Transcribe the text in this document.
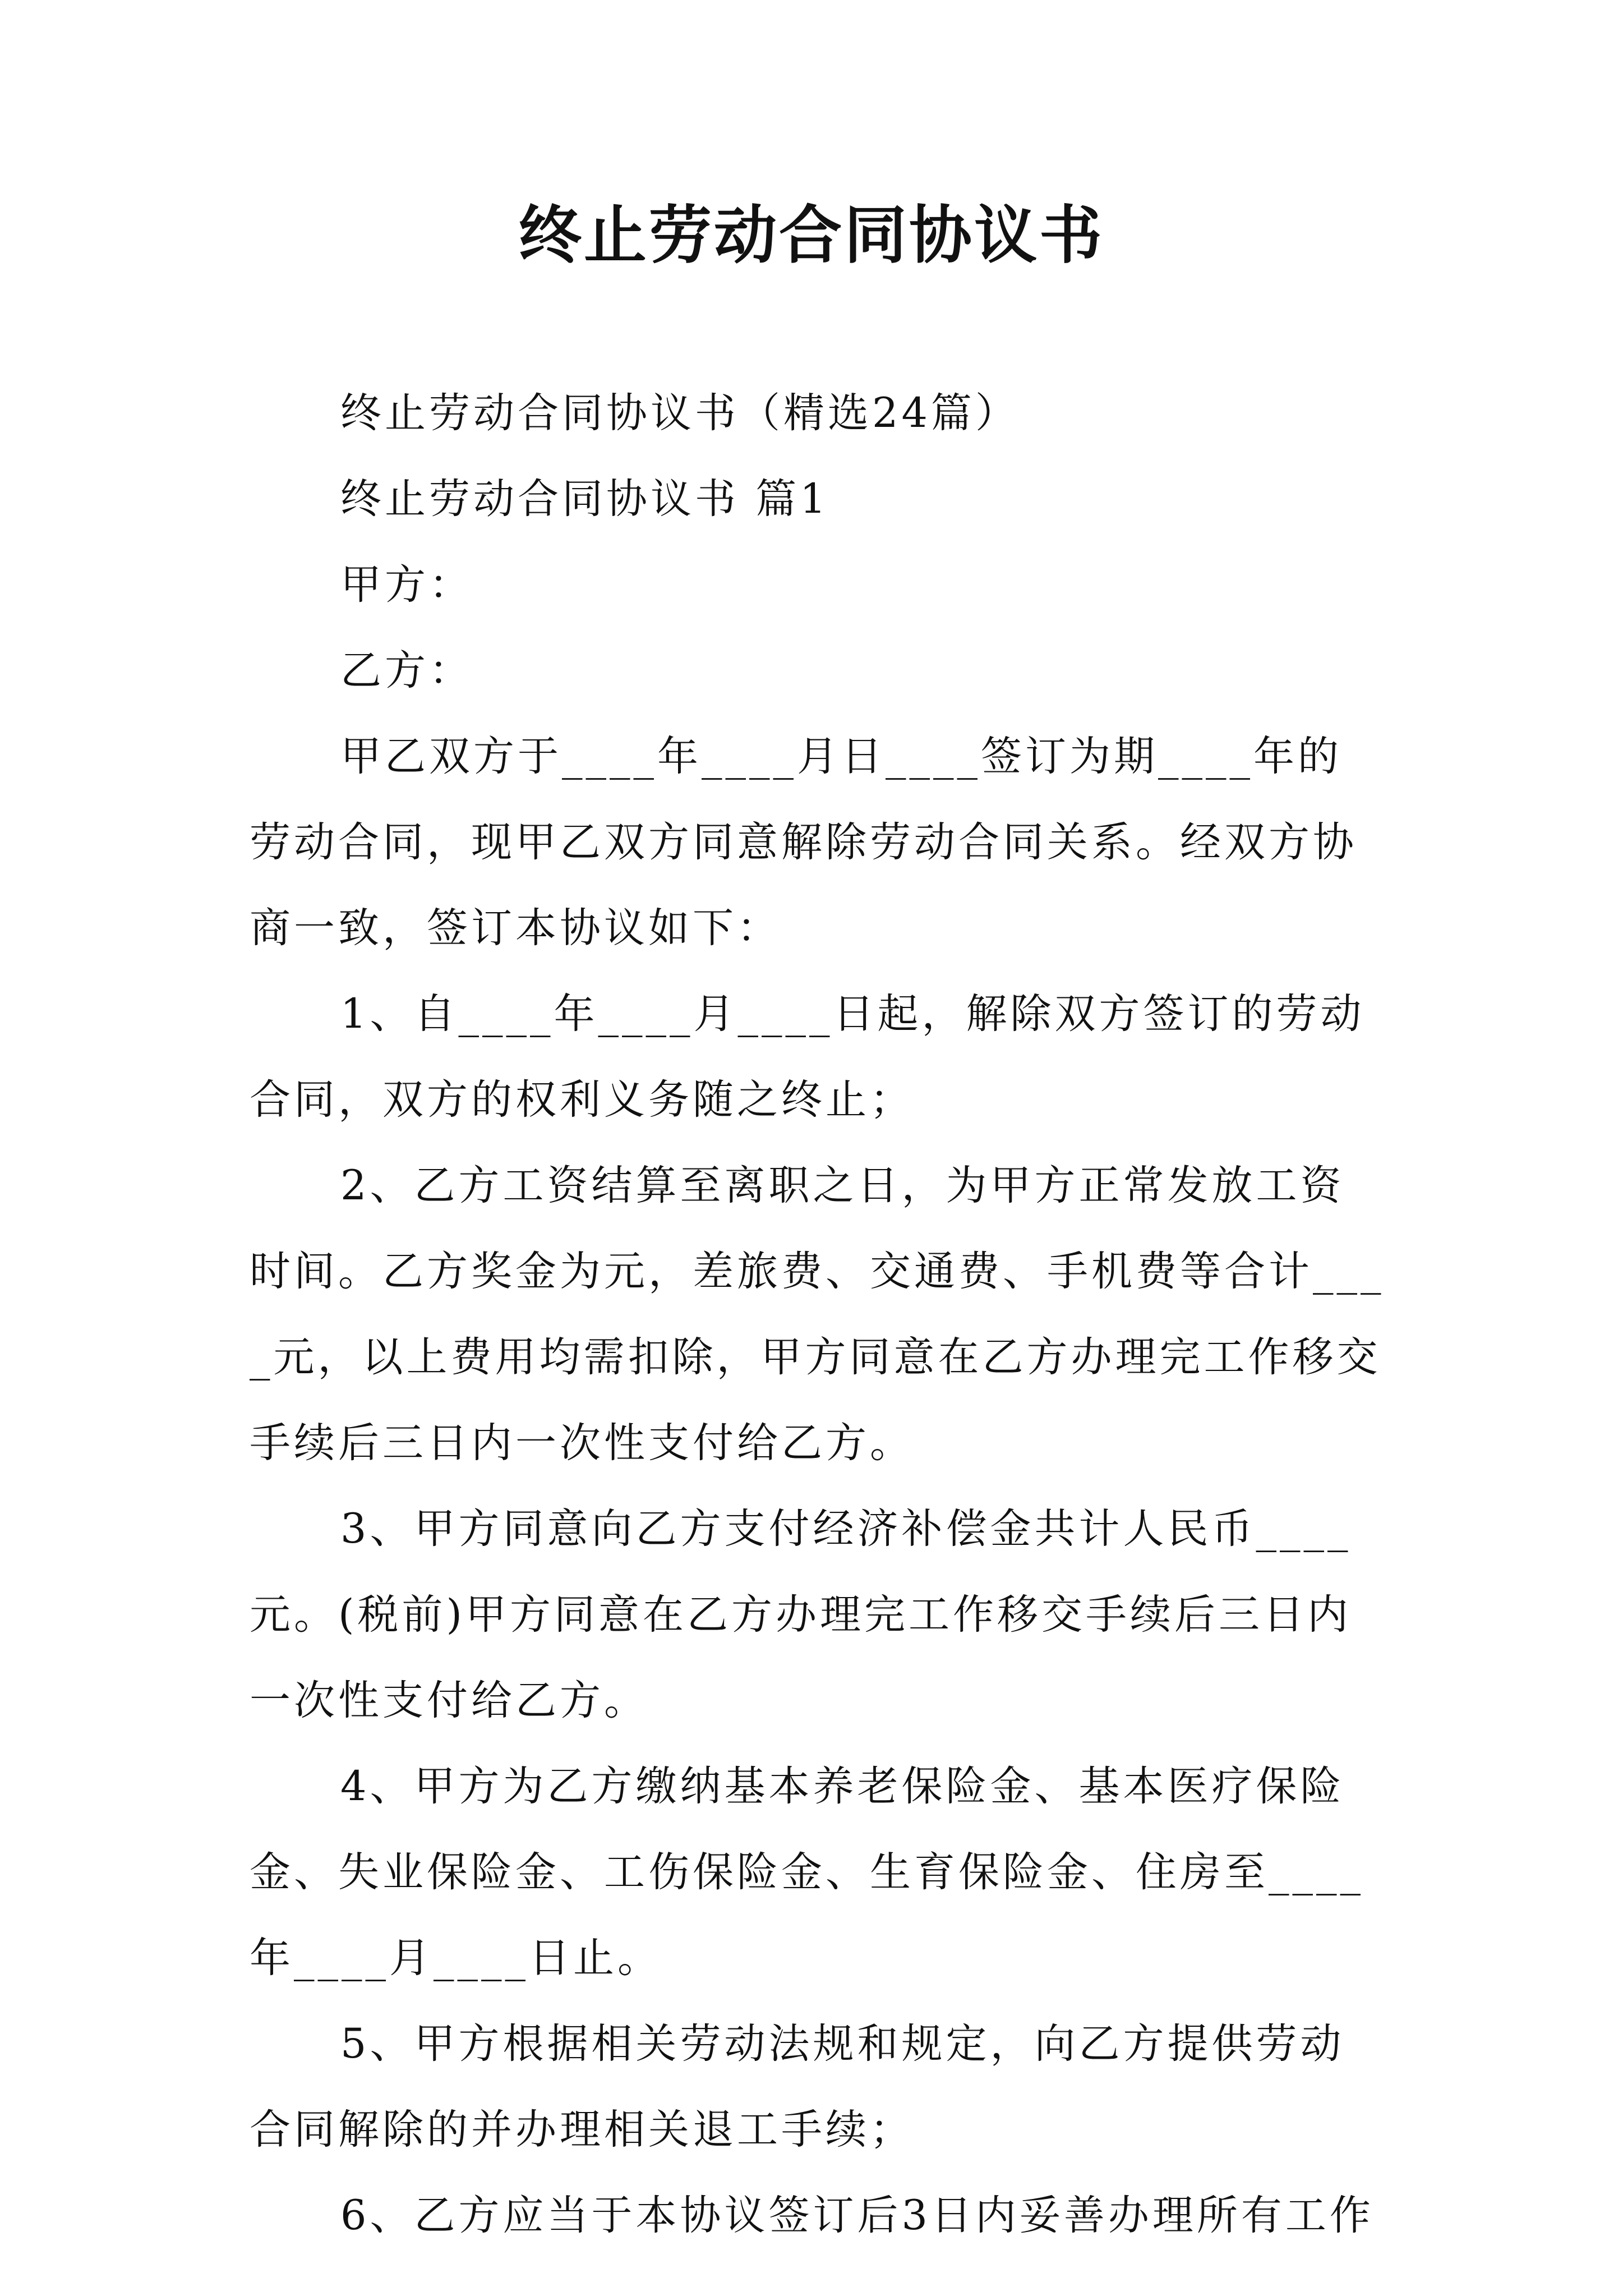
终止劳动合同协议书

终止劳动合同协议书（精选24篇）

终止劳动合同协议书 篇1

甲方：

乙方：

甲乙双方于____年____月日____签订为期____年的劳动合同，现甲乙双方同意解除劳动合同关系。经双方协商一致，签订本协议如下：

1、自____年____月____日起，解除双方签订的劳动合同，双方的权利义务随之终止；

2、乙方工资结算至离职之日，为甲方正常发放工资时间。乙方奖金为元，差旅费、交通费、手机费等合计____元，以上费用均需扣除，甲方同意在乙方办理完工作移交手续后三日内一次性支付给乙方。

3、甲方同意向乙方支付经济补偿金共计人民币____元。(税前)甲方同意在乙方办理完工作移交手续后三日内一次性支付给乙方。

4、甲方为乙方缴纳基本养老保险金、基本医疗保险金、失业保险金、工伤保险金、生育保险金、住房至____年____月____日止。

5、甲方根据相关劳动法规和规定，向乙方提供劳动合同解除的并办理相关退工手续；

6、乙方应当于本协议签订后3日内妥善办理所有工作
